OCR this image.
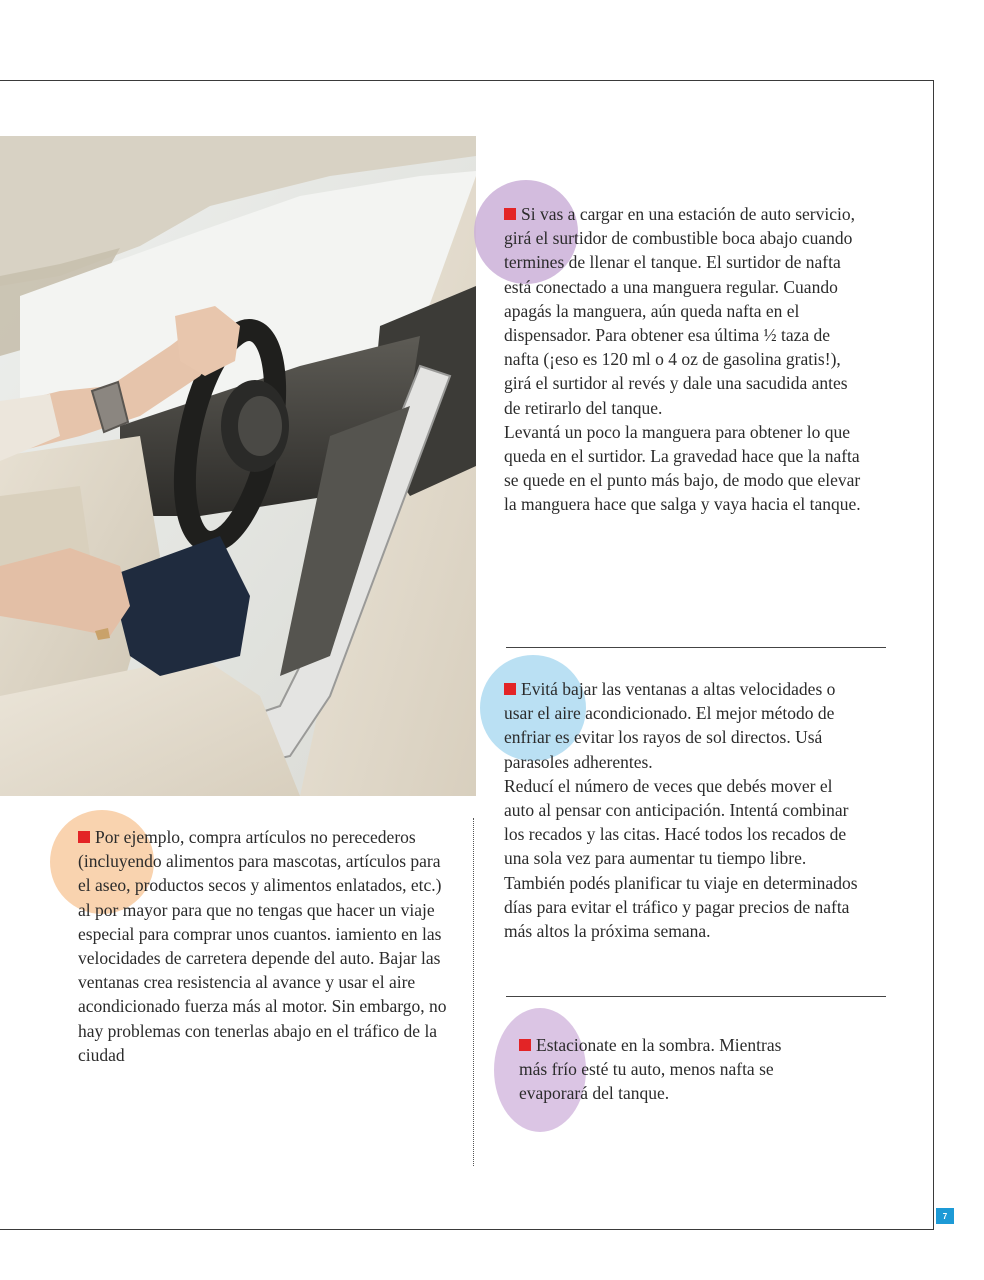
7

Si vas a cargar en una estación de auto servicio, girá el surtidor de combustible boca abajo cuando termines de llenar el tanque. El surtidor de nafta está conectado a una manguera regular. Cuando apagás la manguera, aún queda nafta en el dispensador. Para obtener esa última ½ taza de nafta (¡eso es 120 ml o 4 oz de gasolina gratis!), girá el surtidor al revés y dale una sacudida antes de retirarlo del tanque.

Levantá un poco la manguera para obtener lo que queda en el surtidor. La gravedad hace que la nafta se quede en el punto más bajo, de modo que elevar la manguera hace que salga y vaya hacia el tanque.

Evitá bajar las ventanas a altas velocidades o usar el aire acondicionado. El mejor método de enfriar es evitar los rayos de sol directos. Usá parasoles adherentes.

Reducí el número de veces que debés mover el auto al pensar con anticipación. Intentá combinar los recados y las citas. Hacé todos los recados de una sola vez para aumentar tu tiempo libre. También podés planificar tu viaje en determinados días para evitar el tráfico y pagar precios de nafta más altos la próxima semana.

Estacionate en la sombra. Mientras más frío esté tu auto, menos nafta se evaporará del tanque.

Por ejemplo, compra artículos no perecederos (incluyendo alimentos para mascotas, artículos para el aseo, productos secos y alimentos enlatados, etc.) al por mayor para que no tengas que hacer un viaje especial para comprar unos cuantos. iamiento en las velocidades de carretera depende del auto. Bajar las ventanas crea resistencia al avance y usar el aire acondicionado fuerza más al motor. Sin embargo, no hay problemas con tenerlas abajo en el tráfico de la ciudad
